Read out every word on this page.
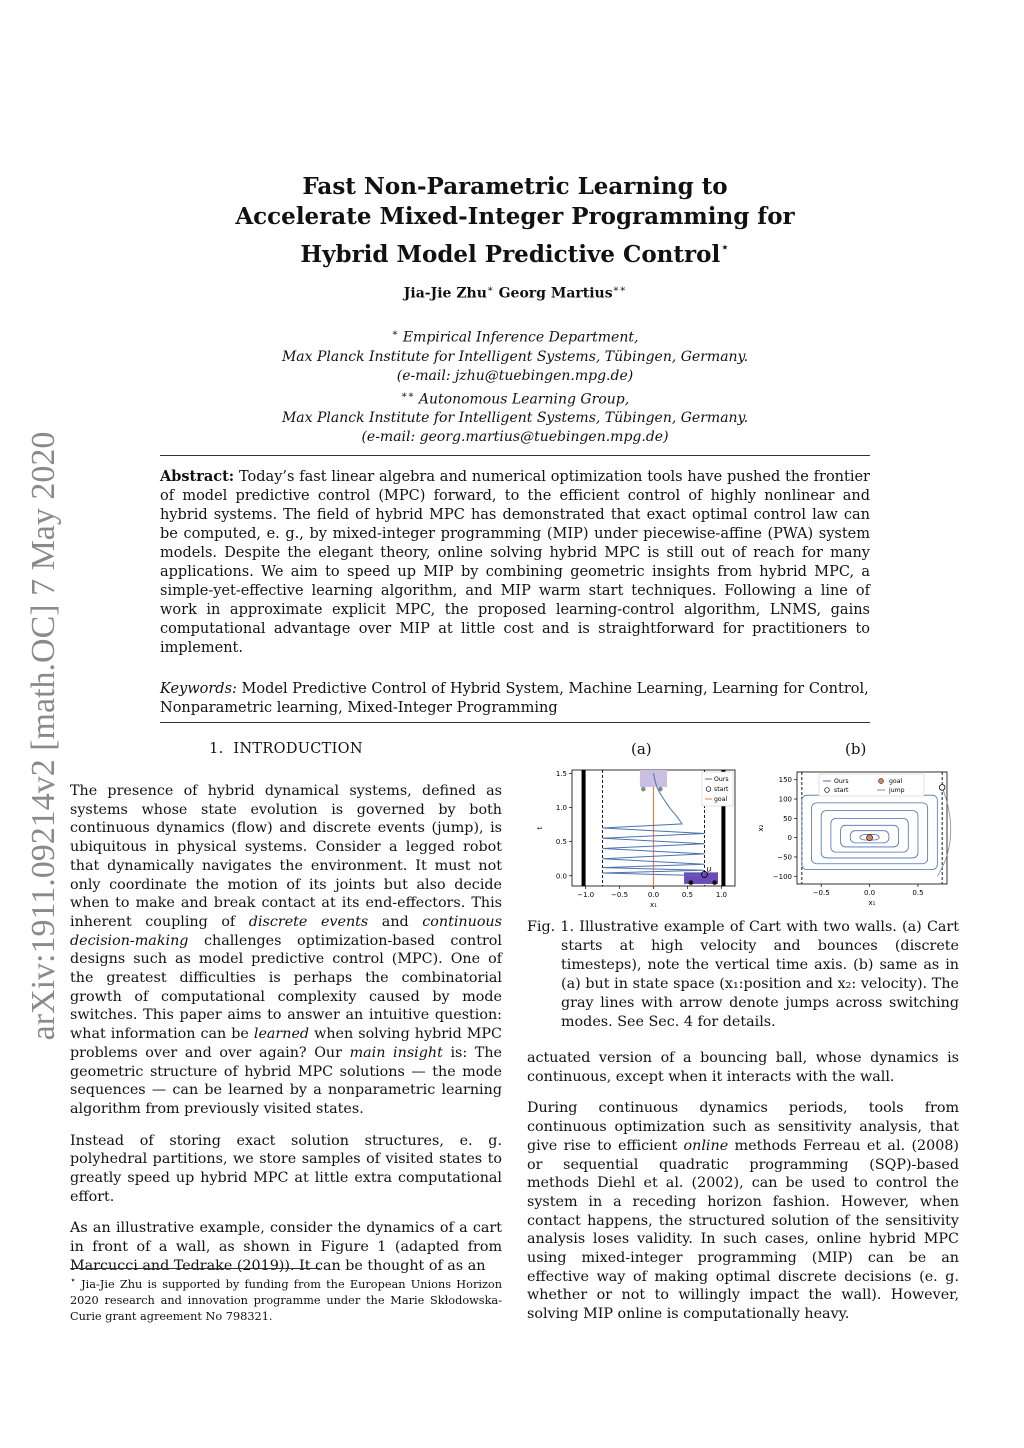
arXiv:1911.09214v2 [math.OC] 7 May 2020
Fast Non-Parametric Learning to
Accelerate Mixed-Integer Programming for
Hybrid Model Predictive Control⋆
Jia-Jie Zhu∗ Georg Martius∗∗
∗ Empirical Inference Department,
Max Planck Institute for Intelligent Systems, Tübingen, Germany.
(e-mail: jzhu@tuebingen.mpg.de)
∗∗ Autonomous Learning Group,
Max Planck Institute for Intelligent Systems, Tübingen, Germany.
(e-mail: georg.martius@tuebingen.mpg.de)
Abstract: Today’s fast linear algebra and numerical optimization tools have pushed the frontier of model predictive control (MPC) forward, to the efficient control of highly nonlinear and hybrid systems. The field of hybrid MPC has demonstrated that exact optimal control law can be computed, e. g., by mixed-integer programming (MIP) under piecewise-affine (PWA) system models. Despite the elegant theory, online solving hybrid MPC is still out of reach for many applications. We aim to speed up MIP by combining geometric insights from hybrid MPC, a simple-yet-effective learning algorithm, and MIP warm start techniques. Following a line of work in approximate explicit MPC, the proposed learning-control algorithm, LNMS, gains computational advantage over MIP at little cost and is straightforward for practitioners to implement.
Keywords: Model Predictive Control of Hybrid System, Machine Learning, Learning for Control, Nonparametric learning, Mixed-Integer Programming
1. INTRODUCTION

The presence of hybrid dynamical systems, defined as systems whose state evolution is governed by both continuous dynamics (flow) and discrete events (jump), is ubiquitous in physical systems. Consider a legged robot that dynamically navigates the environment. It must not only coordinate the motion of its joints but also decide when to make and break contact at its end-effectors. This inherent coupling of discrete events and continuous decision-making challenges optimization-based control designs such as model predictive control (MPC). One of the greatest difficulties is perhaps the combinatorial growth of computational complexity caused by mode switches. This paper aims to answer an intuitive question: what information can be learned when solving hybrid MPC problems over and over again? Our main insight is: The geometric structure of hybrid MPC solutions — the mode sequences — can be learned by a nonparametric learning algorithm from previously visited states.

Instead of storing exact solution structures, e. g. polyhedral partitions, we store samples of visited states to greatly speed up hybrid MPC at little extra computational effort.

As an illustrative example, consider the dynamics of a cart in front of a wall, as shown in Figure 1 (adapted from Marcucci and Tedrake (2019)). It can be thought of as an

⋆ Jia-Jie Zhu is supported by funding from the European Unions Horizon 2020 research and innovation programme under the Marie Skłodowska-Curie grant agreement No 798321.
(a)	(b)
u
−1.0 −0.5	0.0	0.5	1.0
0.0
0.5
1.0
1.5
x₁
t
Ours
start
goal
−0.5	0.0	0.5
150
100
50
0
−50
−100
x₁
x₂
Ours
start
goal
jump
Fig. 1. Illustrative example of Cart with two walls. (a) Cart starts at high velocity and bounces (discrete timesteps), note the vertical time axis. (b) same as in (a) but in state space (x₁:position and x₂: velocity). The gray lines with arrow denote jumps across switching modes. See Sec. 4 for details.

actuated version of a bouncing ball, whose dynamics is continuous, except when it interacts with the wall.

During continuous dynamics periods, tools from continuous optimization such as sensitivity analysis, that give rise to efficient online methods Ferreau et al. (2008) or sequential quadratic programming (SQP)-based methods Diehl et al. (2002), can be used to control the system in a receding horizon fashion. However, when contact happens, the structured solution of the sensitivity analysis loses validity. In such cases, online hybrid MPC using mixed-integer programming (MIP) can be an effective way of making optimal discrete decisions (e. g. whether or not to willingly impact the wall). However, solving MIP online is computationally heavy.
